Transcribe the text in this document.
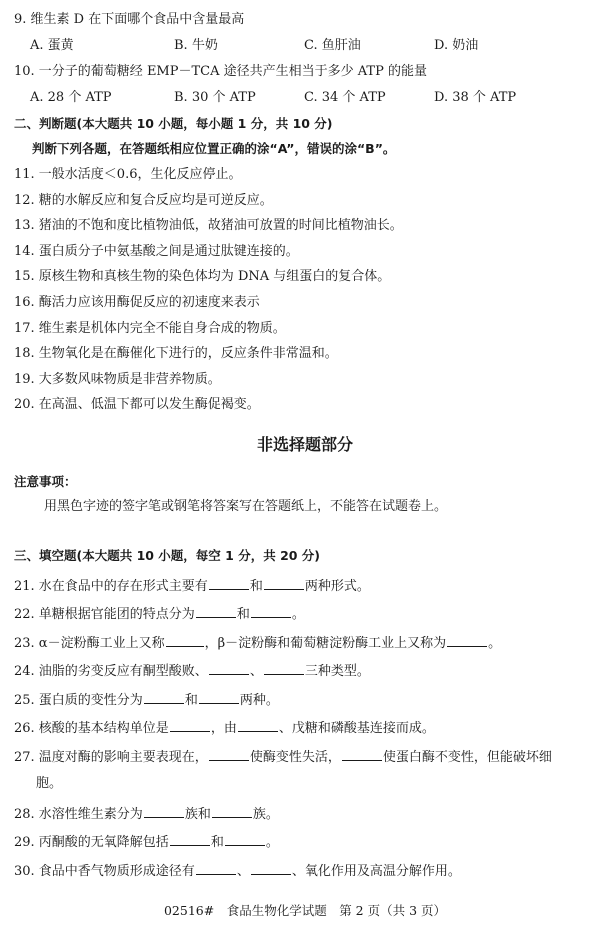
9. 维生素 D 在下面哪个食品中含量最高
A. 蛋黄	B. 牛奶	C. 鱼肝油	D. 奶油
10. 一分子的葡萄糖经 EMP－TCA 途径共产生相当于多少 ATP 的能量
A. 28 个 ATP	B. 30 个 ATP	C. 34 个 ATP	D. 38 个 ATP
二、判断题(本大题共 10 小题，每小题 1 分，共 10 分)
判断下列各题，在答题纸相应位置正确的涂“A”，错误的涂“B”。
11. 一般水活度＜0.6，生化反应停止。
12. 糖的水解反应和复合反应均是可逆反应。
13. 猪油的不饱和度比植物油低，故猪油可放置的时间比植物油长。
14. 蛋白质分子中氨基酸之间是通过肽键连接的。
15. 原核生物和真核生物的染色体均为 DNA 与组蛋白的复合体。
16. 酶活力应该用酶促反应的初速度来表示
17. 维生素是机体内完全不能自身合成的物质。
18. 生物氧化是在酶催化下进行的，反应条件非常温和。
19. 大多数风味物质是非营养物质。
20. 在高温、低温下都可以发生酶促褐变。
非选择题部分
注意事项：
用黑色字迹的签字笔或钢笔将答案写在答题纸上，不能答在试题卷上。
三、填空题(本大题共 10 小题，每空 1 分，共 20 分)
21. 水在食品中的存在形式主要有	和	两种形式。
22. 单糖根据官能团的特点分为	和	。
23. α－淀粉酶工业上又称	，β－淀粉酶和葡萄糖淀粉酶工业上又称为	。
24. 油脂的劣变反应有酮型酸败、	、	三种类型。
25. 蛋白质的变性分为	和	两种。
26. 核酸的基本结构单位是	，由	、戊糖和磷酸基连接而成。
27. 温度对酶的影响主要表现在，	使酶变性失活，	使蛋白酶不变性，但能破坏细
胞。
28. 水溶性维生素分为	族和	族。
29. 丙酮酸的无氧降解包括	和	。
30. 食品中香气物质形成途径有	、	、氧化作用及高温分解作用。
02516#　食品生物化学试题　第 2 页（共 3 页）
